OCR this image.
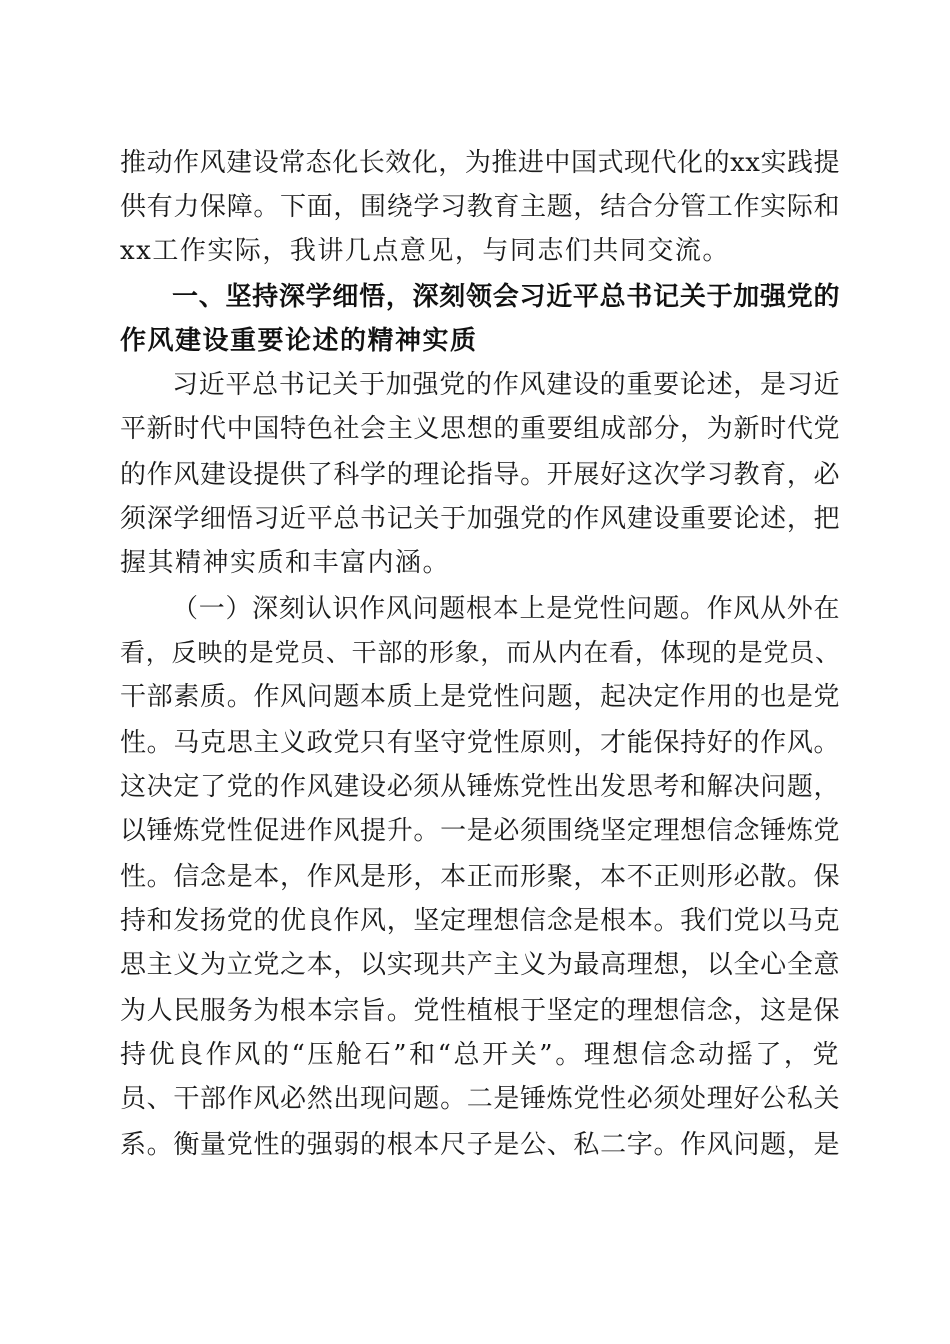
推动作风建设常态化长效化，为推进中国式现代化的xx实践提
供有力保障。下面，围绕学习教育主题，结合分管工作实际和
xx工作实际，我讲几点意见，与同志们共同交流。
一、坚持深学细悟，深刻领会习近平总书记关于加强党的
作风建设重要论述的精神实质
习近平总书记关于加强党的作风建设的重要论述，是习近
平新时代中国特色社会主义思想的重要组成部分，为新时代党
的作风建设提供了科学的理论指导。开展好这次学习教育，必
须深学细悟习近平总书记关于加强党的作风建设重要论述，把
握其精神实质和丰富内涵。
（一）深刻认识作风问题根本上是党性问题。作风从外在
看，反映的是党员、干部的形象，而从内在看，体现的是党员、
干部素质。作风问题本质上是党性问题，起决定作用的也是党
性。马克思主义政党只有坚守党性原则，才能保持好的作风。
这决定了党的作风建设必须从锤炼党性出发思考和解决问题，
以锤炼党性促进作风提升。一是必须围绕坚定理想信念锤炼党
性。信念是本，作风是形，本正而形聚，本不正则形必散。保
持和发扬党的优良作风，坚定理想信念是根本。我们党以马克
思主义为立党之本，以实现共产主义为最高理想，以全心全意
为人民服务为根本宗旨。党性植根于坚定的理想信念，这是保
持优良作风的“压舱石”和“总开关”。理想信念动摇了，党
员、干部作风必然出现问题。二是锤炼党性必须处理好公私关
系。衡量党性的强弱的根本尺子是公、私二字。作风问题，是
